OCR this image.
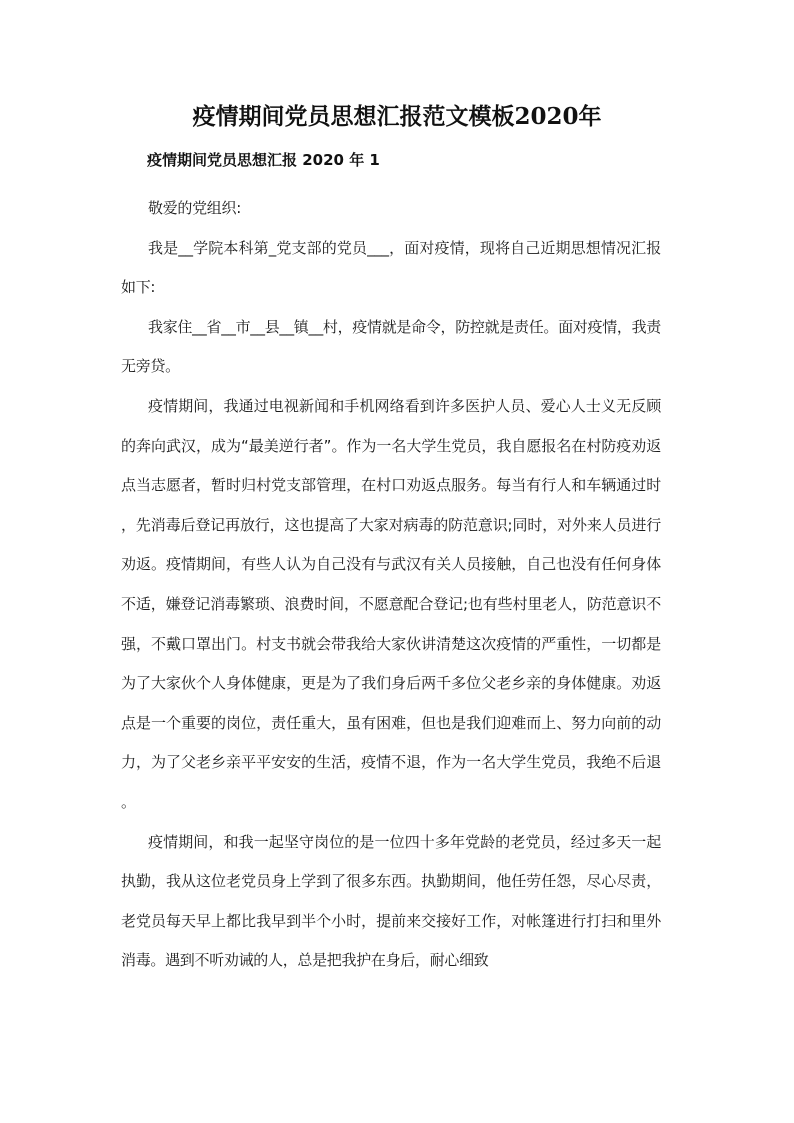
疫情期间党员思想汇报范文模板2020年
疫情期间党员思想汇报 2020 年 1

敬爱的党组织:

我是__学院本科第_党支部的党员___，面对疫情，现将自己近期思想情况汇报如下:

我家住__省__市__县__镇__村，疫情就是命令，防控就是责任。面对疫情，我责无旁贷。

疫情期间，我通过电视新闻和手机网络看到许多医护人员、爱心人士义无反顾的奔向武汉，成为“最美逆行者”。作为一名大学生党员，我自愿报名在村防疫劝返点当志愿者，暂时归村党支部管理，在村口劝返点服务。每当有行人和车辆通过时，先消毒后登记再放行，这也提高了大家对病毒的防范意识;同时，对外来人员进行劝返。疫情期间，有些人认为自己没有与武汉有关人员接触，自己也没有任何身体不适，嫌登记消毒繁琐、浪费时间，不愿意配合登记;也有些村里老人，防范意识不强，不戴口罩出门。村支书就会带我给大家伙讲清楚这次疫情的严重性，一切都是为了大家伙个人身体健康，更是为了我们身后两千多位父老乡亲的身体健康。劝返点是一个重要的岗位，责任重大，虽有困难，但也是我们迎难而上、努力向前的动力，为了父老乡亲平平安安的生活，疫情不退，作为一名大学生党员，我绝不后退。

疫情期间，和我一起坚守岗位的是一位四十多年党龄的老党员，经过多天一起执勤，我从这位老党员身上学到了很多东西。执勤期间，他任劳任怨，尽心尽责，老党员每天早上都比我早到半个小时，提前来交接好工作，对帐篷进行打扫和里外消毒。遇到不听劝诫的人，总是把我护在身后，耐心细致
